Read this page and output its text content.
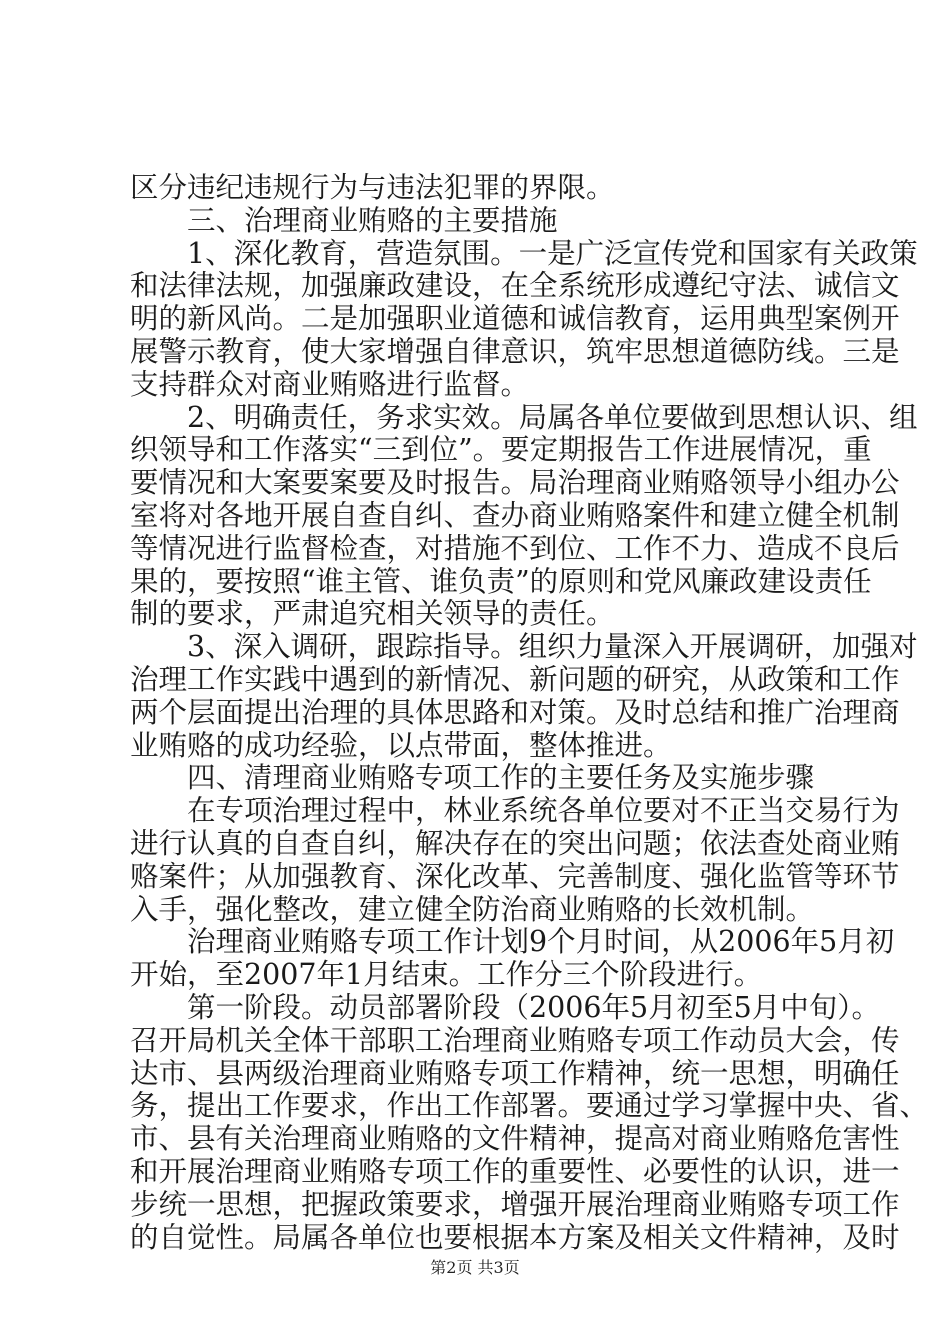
区分违纪违规行为与违法犯罪的界限。
　　三、治理商业贿赂的主要措施
　　1、深化教育，营造氛围。一是广泛宣传党和国家有关政策
和法律法规，加强廉政建设，在全系统形成遵纪守法、诚信文
明的新风尚。二是加强职业道德和诚信教育，运用典型案例开
展警示教育，使大家增强自律意识，筑牢思想道德防线。三是
支持群众对商业贿赂进行监督。
　　2、明确责任，务求实效。局属各单位要做到思想认识、组
织领导和工作落实“三到位”。要定期报告工作进展情况，重
要情况和大案要案要及时报告。局治理商业贿赂领导小组办公
室将对各地开展自查自纠、查办商业贿赂案件和建立健全机制
等情况进行监督检查，对措施不到位、工作不力、造成不良后
果的，要按照“谁主管、谁负责”的原则和党风廉政建设责任
制的要求，严肃追究相关领导的责任。
　　3、深入调研，跟踪指导。组织力量深入开展调研，加强对
治理工作实践中遇到的新情况、新问题的研究，从政策和工作
两个层面提出治理的具体思路和对策。及时总结和推广治理商
业贿赂的成功经验，以点带面，整体推进。
　　四、清理商业贿赂专项工作的主要任务及实施步骤
　　在专项治理过程中，林业系统各单位要对不正当交易行为
进行认真的自查自纠，解决存在的突出问题；依法查处商业贿
赂案件；从加强教育、深化改革、完善制度、强化监管等环节
入手，强化整改，建立健全防治商业贿赂的长效机制。
　　治理商业贿赂专项工作计划9个月时间，从2006年5月初
开始，至2007年1月结束。工作分三个阶段进行。
　　第一阶段。动员部署阶段（2006年5月初至5月中旬）。
召开局机关全体干部职工治理商业贿赂专项工作动员大会，传
达市、县两级治理商业贿赂专项工作精神，统一思想，明确任
务，提出工作要求，作出工作部署。要通过学习掌握中央、省、
市、县有关治理商业贿赂的文件精神，提高对商业贿赂危害性
和开展治理商业贿赂专项工作的重要性、必要性的认识，进一
步统一思想，把握政策要求，增强开展治理商业贿赂专项工作
的自觉性。局属各单位也要根据本方案及相关文件精神，及时
第2页 共3页
